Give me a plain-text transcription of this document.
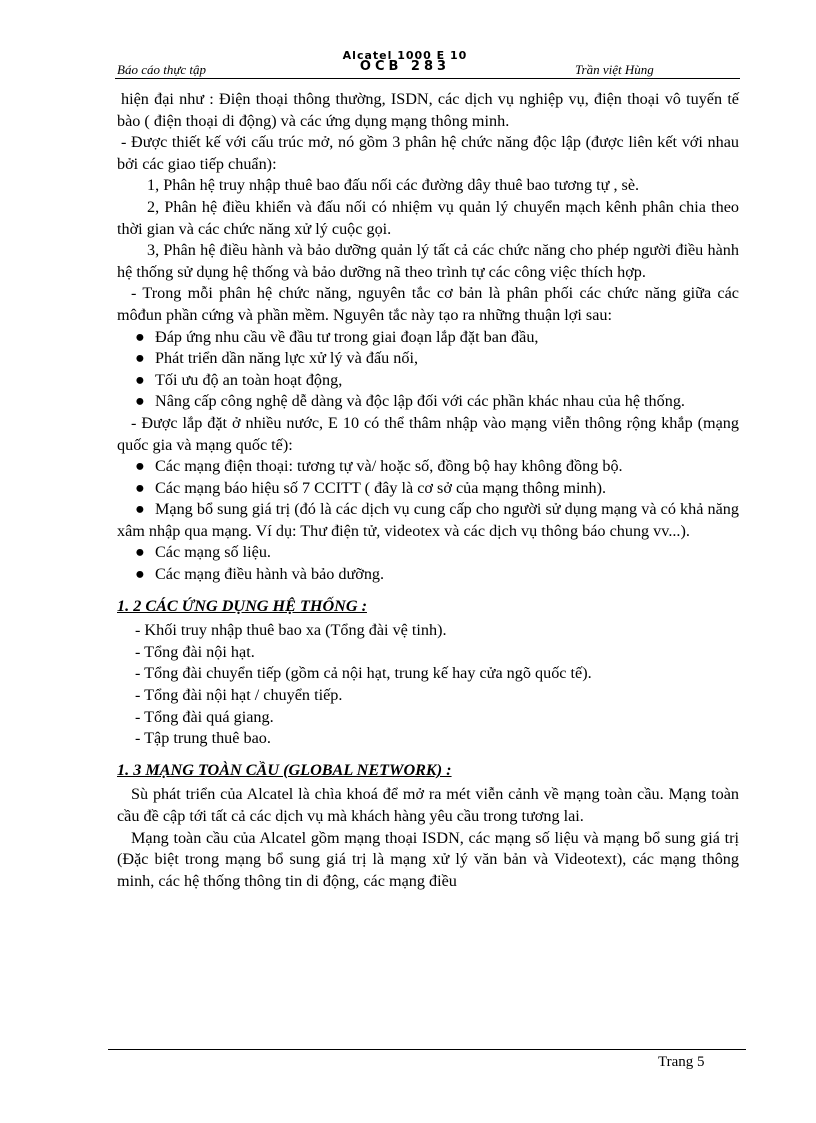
Báo cáo thực tập
Alcatel 1000 E 10
OCB 283	Trần việt Hùng

hiện đại như : Điện thoại thông thường, ISDN, các dịch vụ nghiệp vụ, điện thoại vô tuyến tế bào ( điện thoại di động) và các ứng dụng mạng thông minh.

- Được thiết kế với cấu trúc mở, nó gồm 3 phân hệ chức năng độc lập (được liên kết với nhau bởi các giao tiếp chuẩn):

1, Phân hệ truy nhập thuê bao đấu nối các đường dây thuê bao tương tự , sè.

2, Phân hệ điều khiển và đấu nối có nhiệm vụ quản lý chuyển mạch kênh phân chia theo thời gian và các chức năng xử lý cuộc gọi.

3, Phân hệ điều hành và bảo dưỡng quản lý tất cả các chức năng cho phép người điều hành hệ thống sử dụng hệ thống và bảo dưỡng nã theo trình tự các công việc thích hợp.

- Trong mỗi phân hệ chức năng, nguyên tắc cơ bản là phân phối các chức năng giữa các môđun phần cứng và phần mềm. Nguyên tắc này tạo ra những thuận lợi sau:

● Đáp ứng nhu cầu về đầu tư trong giai đoạn lắp đặt ban đầu,

● Phát triển dần năng lực xử lý và đấu nối,

● Tối ưu độ an toàn hoạt động,

● Nâng cấp công nghệ dễ dàng và độc lập đối với các phần khác nhau của hệ thống.

- Được lắp đặt ở nhiều nước, E 10 có thể thâm nhập vào mạng viễn thông rộng khắp (mạng quốc gia và mạng quốc tế):

● Các mạng điện thoại: tương tự và/ hoặc số, đồng bộ hay không đồng bộ.

● Các mạng báo hiệu số 7 CCITT ( đây là cơ sở của mạng thông minh).

● Mạng bổ sung giá trị (đó là các dịch vụ cung cấp cho người sử dụng mạng và có khả năng xâm nhập qua mạng. Ví dụ: Thư điện tử, videotex và các dịch vụ thông báo chung vv...).

● Các mạng số liệu.

● Các mạng điều hành và bảo dưỡng.

1. 2 CÁC ỨNG DỤNG HỆ THỐNG :

- Khối truy nhập thuê bao xa (Tổng đài vệ tinh).

- Tổng đài nội hạt.

- Tổng đài chuyển tiếp (gồm cả nội hạt, trung kế hay cửa ngõ quốc tế).

- Tổng đài nội hạt / chuyển tiếp.

- Tổng đài quá giang.

- Tập trung thuê bao.

1. 3 MẠNG TOÀN CẦU (GLOBAL NETWORK) :

Sù phát triển của Alcatel là chìa khoá để mở ra mét viễn cảnh về mạng toàn cầu. Mạng toàn cầu đề cập tới tất cả các dịch vụ mà khách hàng yêu cầu trong tương lai.

Mạng toàn cầu của Alcatel gồm mạng thoại ISDN, các mạng số liệu và mạng bổ sung giá trị (Đặc biệt trong mạng bổ sung giá trị là mạng xử lý văn bản và Videotext), các mạng thông minh, các hệ thống thông tin di động, các mạng điều

Trang 5
